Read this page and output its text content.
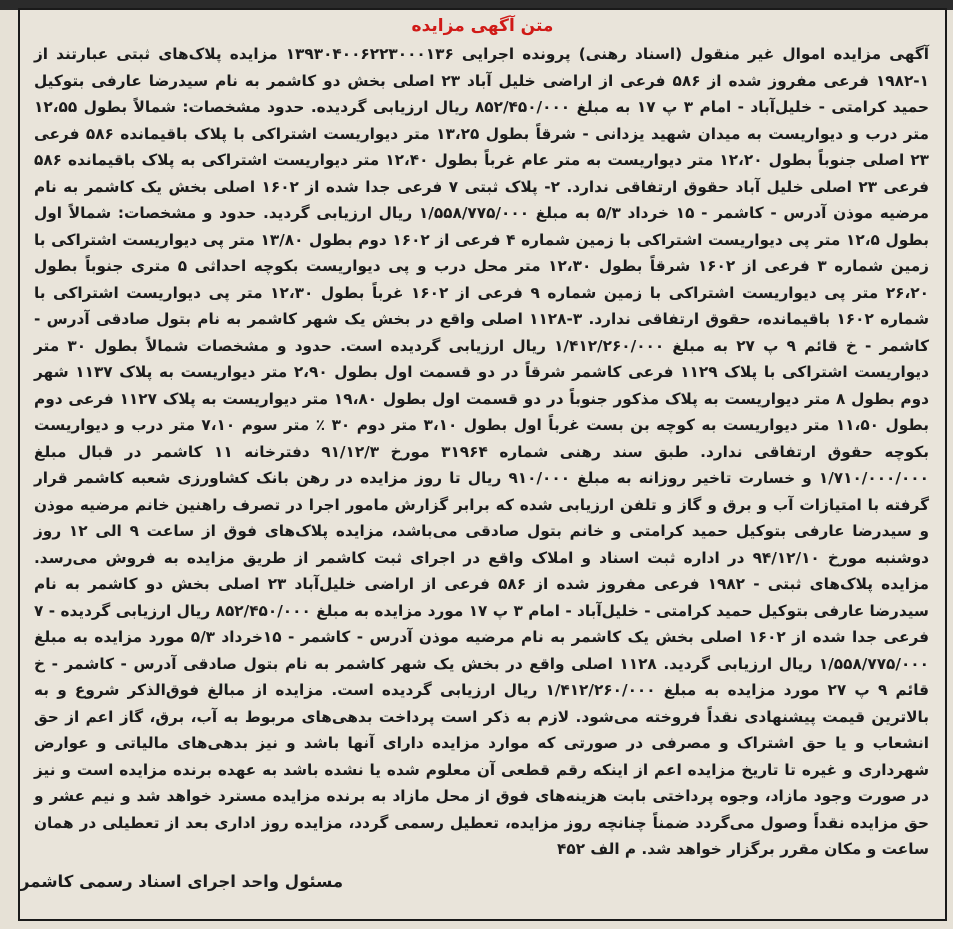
متن آگهی مزایده

آگهی مزایده اموال غیر منقول (اسناد رهنی) پرونده اجرایی ۱۳۹۳۰۴۰۰۶۲۲۳۰۰۰۱۳۶ مزایده پلاک‌های ثبتی عبارتند از ۱-۱۹۸۲ فرعی مفروز شده از ۵۸۶ فرعی از اراضی خلیل آباد ۲۳ اصلی بخش دو کاشمر به نام سیدرضا عارفی بتوکیل حمید کرامتی - خلیل‌آباد - امام ۳ پ ۱۷ به مبلغ ۸۵۲/۴۵۰/۰۰۰ ریال ارزیابی گردیده. حدود مشخصات: شمالاً بطول ۱۲،۵۵ متر درب و دیواریست به میدان شهید یزدانی - شرقاً بطول ۱۳،۲۵ متر دیواریست اشتراکی با پلاک باقیمانده ۵۸۶ فرعی ۲۳ اصلی جنوباً بطول ۱۲،۲۰ متر دیواریست به متر عام غرباً بطول ۱۲،۴۰ متر دیواریست اشتراکی به پلاک باقیمانده ۵۸۶ فرعی ۲۳ اصلی خلیل آباد حقوق ارتفاقی ندارد. ۲- پلاک ثبتی ۷ فرعی جدا شده از ۱۶۰۲ اصلی بخش یک کاشمر به نام مرضیه موذن آدرس - کاشمر - ۱۵ خرداد ۵/۳ به مبلغ ۱/۵۵۸/۷۷۵/۰۰۰ ریال ارزیابی گردید. حدود و مشخصات: شمالاً اول بطول ۱۲،۵ متر پی دیواریست اشتراکی با زمین شماره ۴ فرعی از ۱۶۰۲ دوم بطول ۱۳/۸۰ متر پی دیواریست اشتراکی با زمین شماره ۳ فرعی از ۱۶۰۲ شرقاً بطول ۱۲،۳۰ متر محل درب و پی دیواریست بکوچه احداثی ۵ متری جنوباً بطول ۲۶،۲۰ متر پی دیواریست اشتراکی با زمین شماره ۹ فرعی از ۱۶۰۲ غرباً بطول ۱۲،۳۰ متر پی دیواریست اشتراکی با شماره ۱۶۰۲ باقیمانده، حقوق ارتفاقی ندارد. ۳-۱۱۲۸ اصلی واقع در بخش یک شهر کاشمر به نام بتول صادقی آدرس - کاشمر - خ قائم ۹ پ ۲۷ به مبلغ ۱/۴۱۲/۲۶۰/۰۰۰ ریال ارزیابی گردیده است. حدود و مشخصات شمالاً بطول ۳۰ متر دیواریست اشتراکی با پلاک ۱۱۲۹ فرعی کاشمر شرقاً در دو قسمت اول بطول ۲،۹۰ متر دیواریست به پلاک ۱۱۳۷ شهر دوم بطول ۸ متر دیواریست به پلاک مذکور جنوباً در دو قسمت اول بطول ۱۹،۸۰ متر دیواریست به پلاک ۱۱۲۷ فرعی دوم بطول ۱۱،۵۰ متر دیواریست به کوچه بن بست غرباً اول بطول ۳،۱۰ متر دوم ۳۰ ٪ متر سوم ۷،۱۰ متر درب و دیواریست بکوچه حقوق ارتفاقی ندارد. طبق سند رهنی شماره ۳۱۹۶۴ مورخ ۹۱/۱۲/۳ دفترخانه ۱۱ کاشمر در قبال مبلغ ۱/۷۱۰/۰۰۰/۰۰۰ و خسارت تاخیر روزانه به مبلغ ۹۱۰/۰۰۰ ریال تا روز مزایده در رهن بانک کشاورزی شعبه کاشمر قرار گرفته با امتیازات آب و برق و گاز و تلفن ارزیابی شده که برابر گزارش مامور اجرا در تصرف راهنین خانم مرضیه موذن و سیدرضا عارفی بتوکیل حمید کرامتی و خانم بتول صادقی می‌باشد، مزایده پلاک‌های فوق از ساعت ۹ الی ۱۲ روز دوشنبه مورخ ۹۴/۱۲/۱۰ در اداره ثبت اسناد و املاک واقع در اجرای ثبت کاشمر از طریق مزایده به فروش می‌رسد. مزایده پلاک‌های ثبتی - ۱۹۸۲ فرعی مفروز شده از ۵۸۶ فرعی از اراضی خلیل‌آباد ۲۳ اصلی بخش دو کاشمر به نام سیدرضا عارفی بتوکیل حمید کرامتی - خلیل‌آباد - امام ۳ پ ۱۷ مورد مزایده به مبلغ ۸۵۲/۴۵۰/۰۰۰ ریال ارزیابی گردیده - ۷ فرعی جدا شده از ۱۶۰۲ اصلی بخش یک کاشمر به نام مرضیه موذن آدرس - کاشمر - ۱۵خرداد ۵/۳ مورد مزایده به مبلغ ۱/۵۵۸/۷۷۵/۰۰۰ ریال ارزیابی گردید. ۱۱۲۸ اصلی واقع در بخش یک شهر کاشمر به نام بتول صادقی آدرس - کاشمر - خ قائم ۹ پ ۲۷ مورد مزایده به مبلغ ۱/۴۱۲/۲۶۰/۰۰۰ ریال ارزیابی گردیده است. مزایده از مبالغ فوق‌الذکر شروع و به بالاترین قیمت پیشنهادی نقداً فروخته می‌شود. لازم به ذکر است پرداخت بدهی‌های مربوط به آب، برق، گاز اعم از حق انشعاب و یا حق اشتراک و مصرفی در صورتی که موارد مزایده دارای آنها باشد و نیز بدهی‌های مالیاتی و عوارض شهرداری و غیره تا تاریخ مزایده اعم از اینکه رقم قطعی آن معلوم شده یا نشده باشد به عهده برنده مزایده است و نیز در صورت وجود مازاد، وجوه پرداختی بابت هزینه‌های فوق از محل مازاد به برنده مزایده مسترد خواهد شد و نیم عشر و حق مزایده نقداً وصول می‌گردد ضمناً چنانچه روز مزایده، تعطیل رسمی گردد، مزایده روز اداری بعد از تعطیلی در همان ساعت و مکان مقرر برگزار خواهد شد. م الف ۴۵۲

مسئول واحد اجرای اسناد رسمی کاشمر
